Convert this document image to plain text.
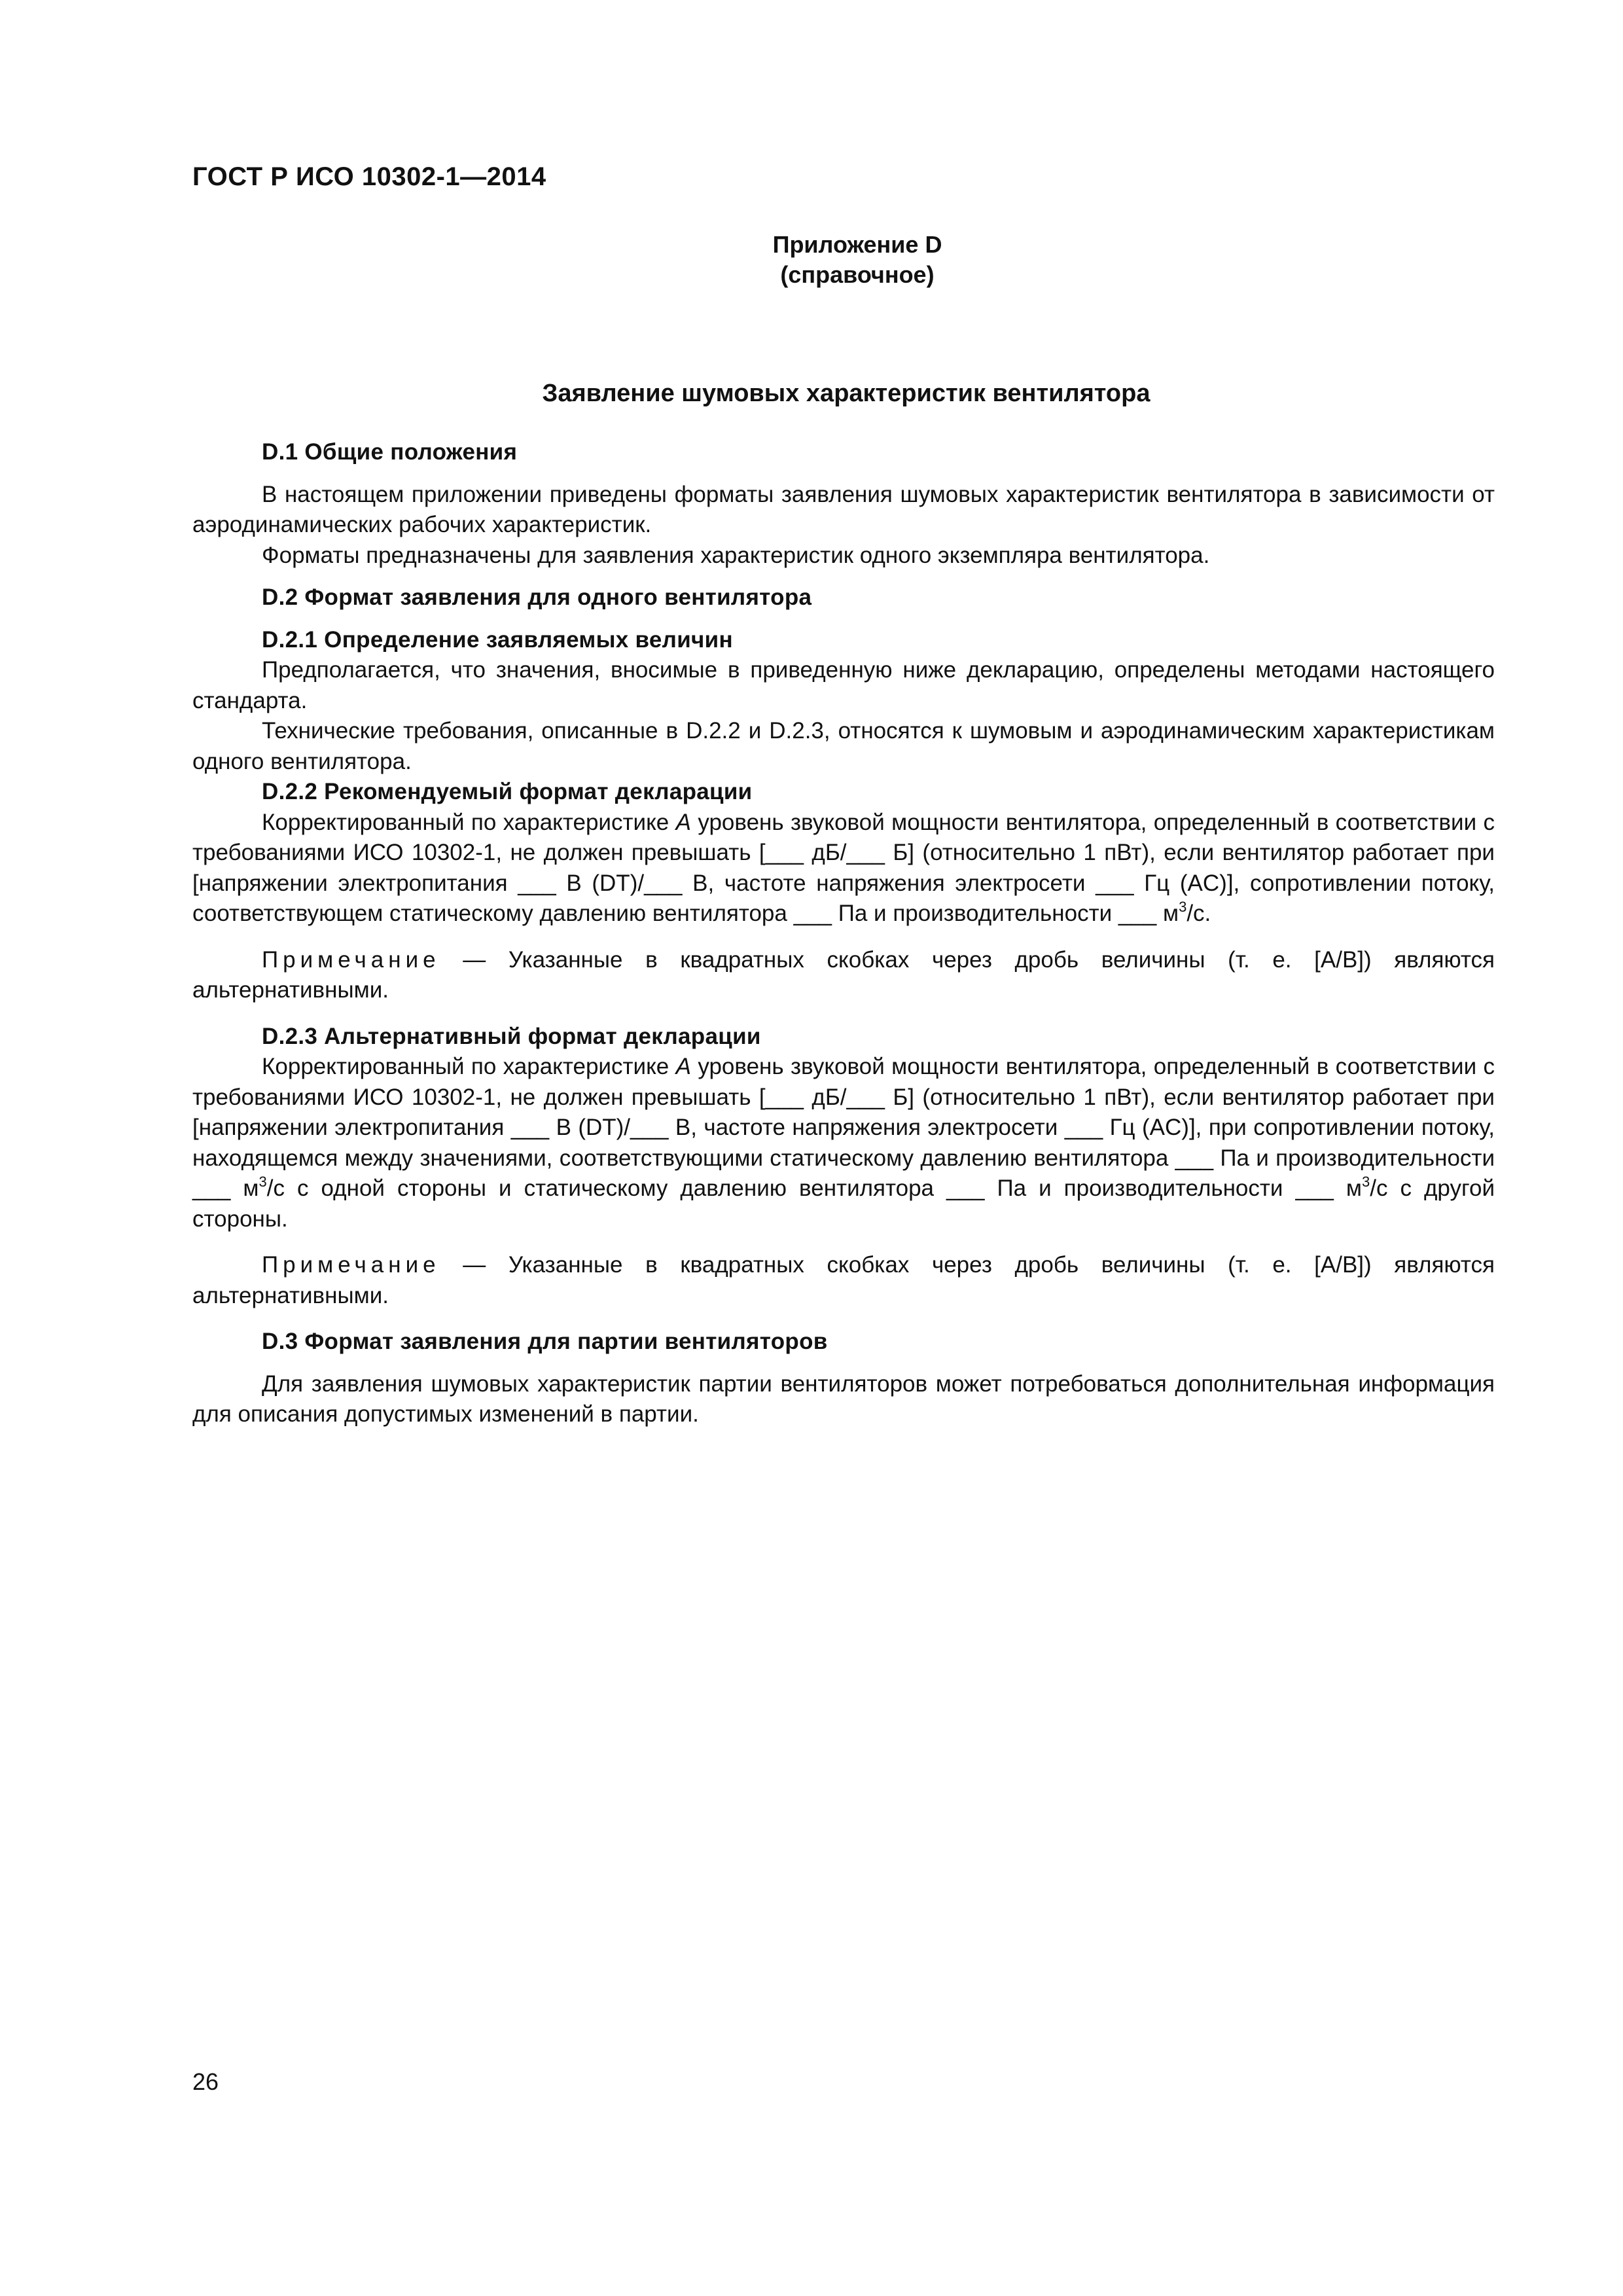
ГОСТ Р ИСО 10302-1—2014
Приложение D
(справочное)
Заявление шумовых характеристик вентилятора

D.1 Общие положения

В настоящем приложении приведены форматы заявления шумовых характеристик вентилятора в зависимости от аэродинамических рабочих характеристик.

Форматы предназначены для заявления характеристик одного экземпляра вентилятора.

D.2 Формат заявления для одного вентилятора

D.2.1 Определение заявляемых величин

Предполагается, что значения, вносимые в приведенную ниже декларацию, определены методами настоящего стандарта.

Технические требования, описанные в D.2.2 и D.2.3, относятся к шумовым и аэродинамическим характеристикам одного вентилятора.

D.2.2 Рекомендуемый формат декларации

Корректированный по характеристике A уровень звуковой мощности вентилятора, определенный в соответствии с требованиями ИСО 10302-1, не должен превышать [___ дБ/___ Б] (относительно 1 пВт), если вентилятор работает при [напряжении электропитания ___ В (DT)/___ В, частоте напряжения электросети ___ Гц (AC)], сопротивлении потоку, соответствующем статическому давлению вентилятора ___ Па и производительности ___ $м^3/с$.

Примечание — Указанные в квадратных скобках через дробь величины (т. е. [A/B]) являются альтернативными.

D.2.3 Альтернативный формат декларации

Корректированный по характеристике A уровень звуковой мощности вентилятора, определенный в соответствии с требованиями ИСО 10302-1, не должен превышать [___ дБ/___ Б] (относительно 1 пВт), если вентилятор работает при [напряжении электропитания ___ В (DT)/___ В, частоте напряжения электросети ___ Гц (AC)], при сопротивлении потоку, находящемся между значениями, соответствующими статическому давлению вентилятора ___ Па и производительности ___ $м^3/с$ с одной стороны и статическому давлению вентилятора ___ Па и производительности ___ $м^3/с$ с другой стороны.

Примечание — Указанные в квадратных скобках через дробь величины (т. е. [A/B]) являются альтернативными.

D.3 Формат заявления для партии вентиляторов

Для заявления шумовых характеристик партии вентиляторов может потребоваться дополнительная информация для описания допустимых изменений в партии.

26
